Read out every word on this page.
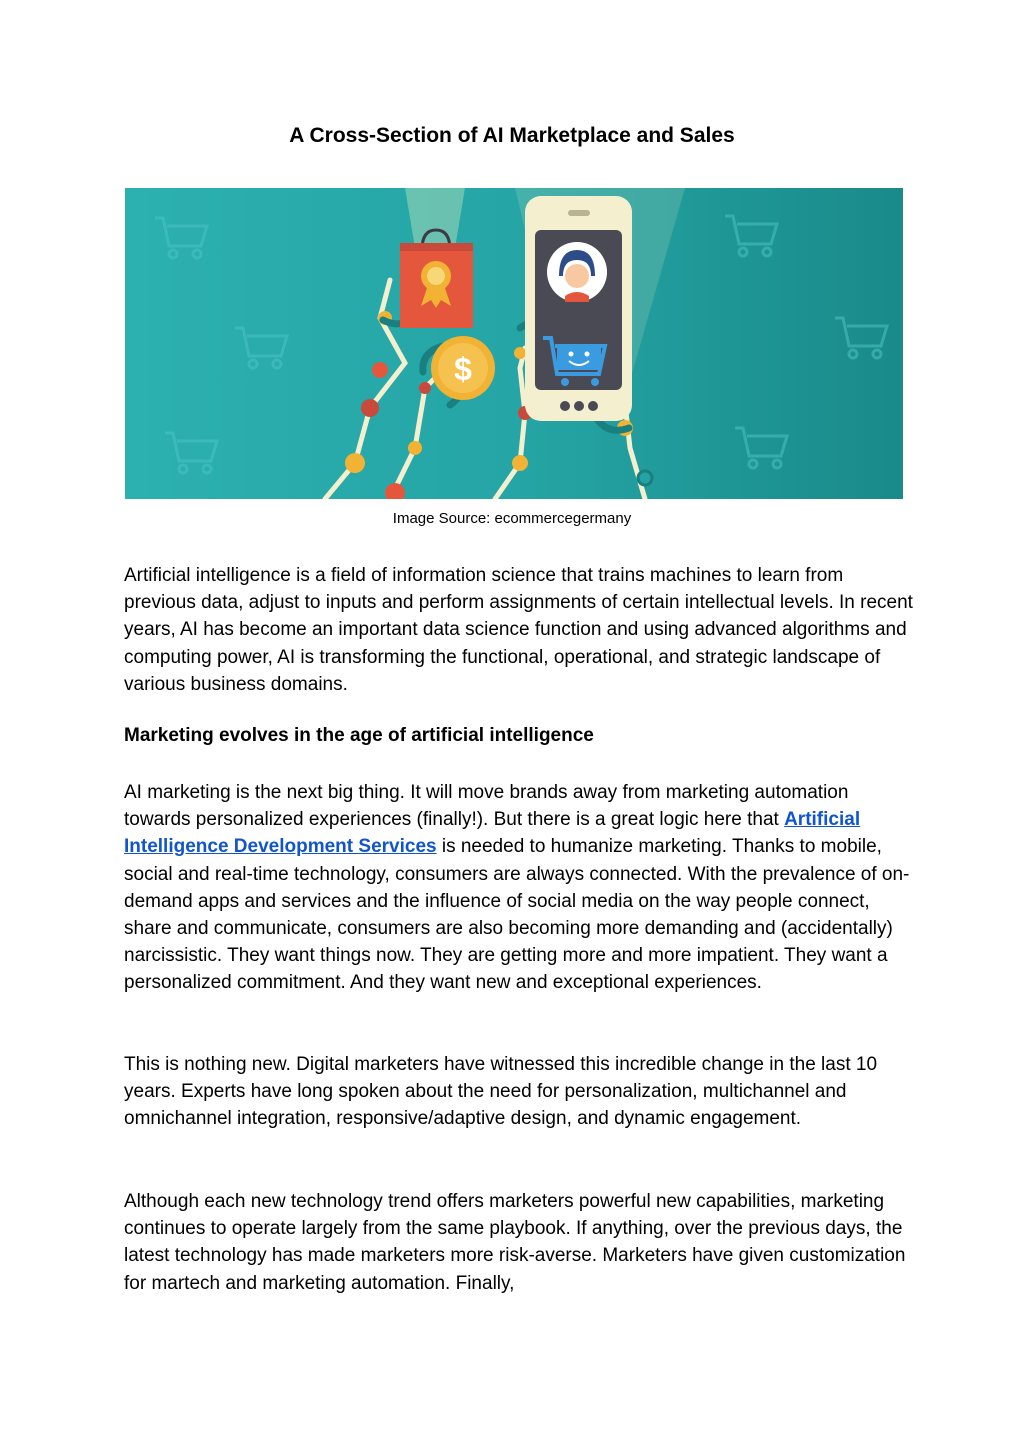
A Cross-Section of AI Marketplace and Sales
$
Image Source: ecommercegermany

Artificial intelligence is a field of information science that trains machines to learn from previous data, adjust to inputs and perform assignments of certain intellectual levels. In recent years, AI has become an important data science function and using advanced algorithms and computing power, AI is transforming the functional, operational, and strategic landscape of various business domains.

Marketing evolves in the age of artificial intelligence

AI marketing is the next big thing. It will move brands away from marketing automation towards personalized experiences (finally!). But there is a great logic here that Artificial Intelligence Development Services is needed to humanize marketing. Thanks to mobile, social and real-time technology, consumers are always connected. With the prevalence of on-demand apps and services and the influence of social media on the way people connect, share and communicate, consumers are also becoming more demanding and (accidentally) narcissistic. They want things now. They are getting more and more impatient. They want a personalized commitment. And they want new and exceptional experiences.

This is nothing new. Digital marketers have witnessed this incredible change in the last 10 years. Experts have long spoken about the need for personalization, multichannel and omnichannel integration, responsive/adaptive design, and dynamic engagement.

Although each new technology trend offers marketers powerful new capabilities, marketing continues to operate largely from the same playbook. If anything, over the previous days, the latest technology has made marketers more risk-averse. Marketers have given customization for martech and marketing automation. Finally,
